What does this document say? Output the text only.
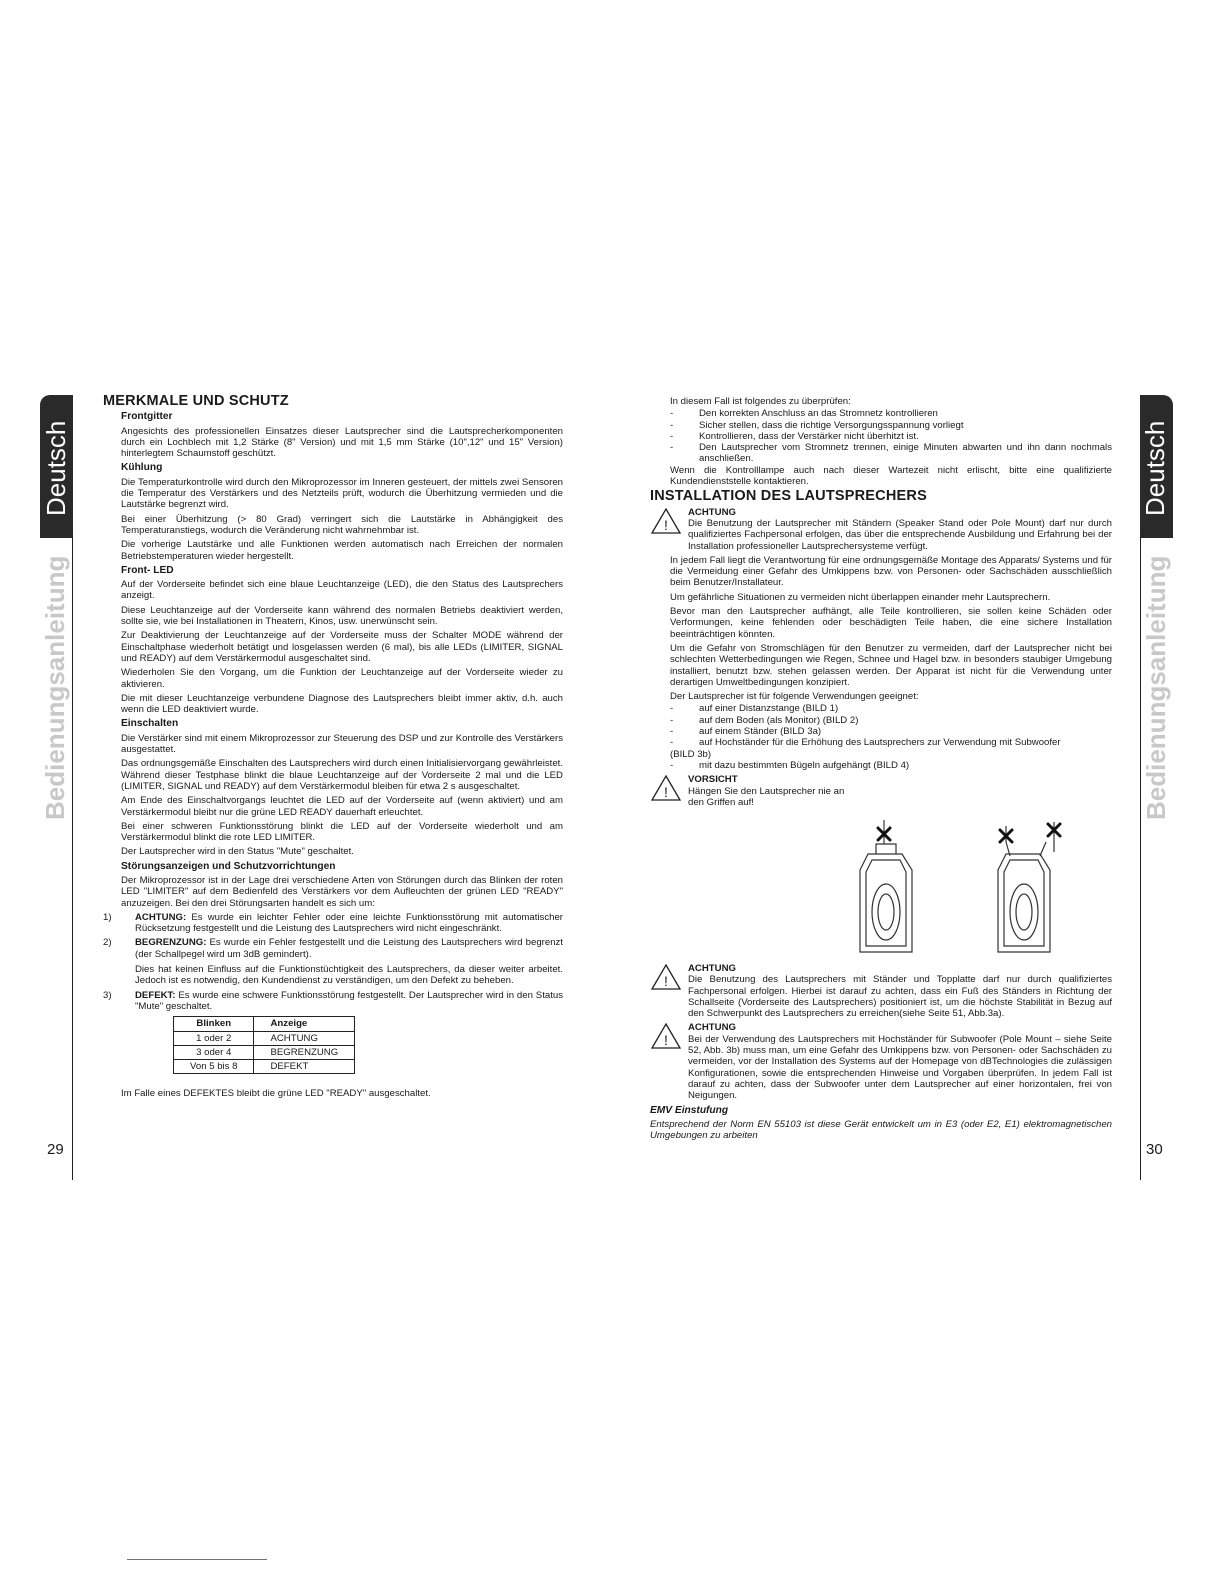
Deutsch
Bedienungsanleitung
29
Deutsch
Bedienungsanleitung
30
MERKMALE UND SCHUTZ
Frontgitter

Angesichts des professionellen Einsatzes dieser Lautsprecher sind die Lautsprecherkomponenten durch ein Lochblech mit 1,2 Stärke (8" Version) und mit 1,5 mm Stärke (10",12" und 15" Version) hinterlegtem Schaumstoff geschützt.

Kühlung

Die Temperaturkontrolle wird durch den Mikroprozessor im Inneren gesteuert, der mittels zwei Sensoren die Temperatur des Verstärkers und des Netzteils prüft, wodurch die Überhitzung vermieden und die Lautstärke begrenzt wird.

Bei einer Überhitzung (> 80 Grad) verringert sich die Lautstärke in Abhängigkeit des Temperaturanstiegs, wodurch die Veränderung nicht wahrnehmbar ist.

Die vorherige Lautstärke und alle Funktionen werden automatisch nach Erreichen der normalen Betriebstemperaturen wieder hergestellt.

Front- LED

Auf der Vorderseite befindet sich eine blaue Leuchtanzeige (LED), die den Status des Lautsprechers anzeigt.

Diese Leuchtanzeige auf der Vorderseite kann während des normalen Betriebs deaktiviert werden, sollte sie, wie bei Installationen in Theatern, Kinos, usw. unerwünscht sein.

Zur Deaktivierung der Leuchtanzeige auf der Vorderseite muss der Schalter MODE während der Einschaltphase wiederholt betätigt und losgelassen werden (6 mal), bis alle LEDs (LIMITER, SIGNAL und READY) auf dem Verstärkermodul ausgeschaltet sind.

Wiederholen Sie den Vorgang, um die Funktion der Leuchtanzeige auf der Vorderseite wieder zu aktivieren.

Die mit dieser Leuchtanzeige verbundene Diagnose des Lautsprechers bleibt immer aktiv, d.h. auch wenn die LED deaktiviert wurde.

Einschalten

Die Verstärker sind mit einem Mikroprozessor zur Steuerung des DSP und zur Kontrolle des Verstärkers ausgestattet.

Das ordnungsgemäße Einschalten des Lautsprechers wird durch einen Initialisiervorgang gewährleistet. Während dieser Testphase blinkt die blaue Leuchtanzeige auf der Vorderseite 2 mal und die LED (LIMITER, SIGNAL und READY) auf dem Verstärkermodul bleiben für etwa 2 s ausgeschaltet.

Am Ende des Einschaltvorgangs leuchtet die LED auf der Vorderseite auf (wenn aktiviert) und am Verstärkermodul bleibt nur die grüne LED READY dauerhaft erleuchtet.

Bei einer schweren Funktionsstörung blinkt die LED auf der Vorderseite wiederholt und am Verstärkermodul blinkt die rote LED LIMITER.

Der Lautsprecher wird in den Status "Mute" geschaltet.

Störungsanzeigen und Schutzvorrichtungen

Der Mikroprozessor ist in der Lage drei verschiedene Arten von Störungen durch das Blinken der roten LED "LIMITER" auf dem Bedienfeld des Verstärkers vor dem Aufleuchten der grünen LED "READY" anzuzeigen. Bei den drei Störungsarten handelt es sich um:

1)	ACHTUNG: Es wurde ein leichter Fehler oder eine leichte Funktionsstörung mit automatischer Rücksetzung festgestellt und die Leistung des Lautsprechers wird nicht eingeschränkt.
2)	BEGRENZUNG: Es wurde ein Fehler festgestellt und die Leistung des Lautsprechers wird begrenzt (der Schallpegel wird um 3dB gemindert).
Dies hat keinen Einfluss auf die Funktionstüchtigkeit des Lautsprechers, da dieser weiter arbeitet. Jedoch ist es notwendig, den Kundendienst zu verständigen, um den Defekt zu beheben.
3)	DEFEKT: Es wurde eine schwere Funktionsstörung festgestellt. Der Lautsprecher wird in den Status "Mute" geschaltet.
Blinken	Anzeige
1 oder 2	ACHTUNG
3 oder 4	BEGRENZUNG
Von 5 bis 8	DEFEKT

Im Falle eines DEFEKTES bleibt die grüne LED "READY" ausgeschaltet.

In diesem Fall ist folgendes zu überprüfen:

-	Den korrekten Anschluss an das Stromnetz kontrollieren
-	Sicher stellen, dass die richtige Versorgungsspannung vorliegt
-	Kontrollieren, dass der Verstärker nicht überhitzt ist.
-	Den Lautsprecher vom Stromnetz trennen, einige Minuten abwarten und ihn dann nochmals anschließen.

Wenn die Kontrolllampe auch nach dieser Wartezeit nicht erlischt, bitte eine qualifizierte Kundendienststelle kontaktieren.

INSTALLATION DES LAUTSPRECHERS
!
ACHTUNG
Die Benutzung der Lautsprecher mit Ständern (Speaker Stand oder Pole Mount) darf nur durch qualifiziertes Fachpersonal erfolgen, das über die entsprechende Ausbildung und Erfahrung bei der Installation professioneller Lautsprechersysteme verfügt.

In jedem Fall liegt die Verantwortung für eine ordnungsgemäße Montage des Apparats/ Systems und für die Vermeidung einer Gefahr des Umkippens bzw. von Personen- oder Sachschäden ausschließlich beim Benutzer/Installateur.

Um gefährliche Situationen zu vermeiden nicht überlappen einander mehr Lautsprechern.

Bevor man den Lautsprecher aufhängt, alle Teile kontrollieren, sie sollen keine Schäden oder Verformungen, keine fehlenden oder beschädigten Teile haben, die eine sichere Installation beeinträchtigen könnten.

Um die Gefahr von Stromschlägen für den Benutzer zu vermeiden, darf der Lautsprecher nicht bei schlechten Wetterbedingungen wie Regen, Schnee und Hagel bzw. in besonders staubiger Umgebung installiert, benutzt bzw. stehen gelassen werden. Der Apparat ist nicht für die Verwendung unter derartigen Umweltbedingungen konzipiert.

Der Lautsprecher ist für folgende Verwendungen geeignet:

-	auf einer Distanzstange (BILD 1)
-	auf dem Boden (als Monitor) (BILD 2)
-	auf einem Ständer (BILD 3a)
-	auf Hochständer für die Erhöhung des Lautsprechers zur Verwendung mit Subwoofer
(BILD 3b)
-	mit dazu bestimmten Bügeln aufgehängt (BILD 4)
!
VORSICHT
Hängen Sie den Lautsprecher nie an den Griffen auf!
!
ACHTUNG
Die Benutzung des Lautsprechers mit Ständer und Topplatte darf nur durch qualifiziertes Fachpersonal erfolgen. Hierbei ist darauf zu achten, dass ein Fuß des Ständers in Richtung der Schallseite (Vorderseite des Lautsprechers) positioniert ist, um die höchste Stabilität in Bezug auf den Schwerpunkt des Lautsprechers zu erreichen(siehe Seite 51, Abb.3a).
!
ACHTUNG
Bei der Verwendung des Lautsprechers mit Hochständer für Subwoofer (Pole Mount – siehe Seite 52, Abb. 3b) muss man, um eine Gefahr des Umkippens bzw. von Personen- oder Sachschäden zu vermeiden, vor der Installation des Systems auf der Homepage von dBTechnologies die zulässigen Konfigurationen, sowie die entsprechenden Hinweise und Vorgaben überprüfen. In jedem Fall ist darauf zu achten, dass der Subwoofer unter dem Lautsprecher auf einer horizontalen, frei von Neigungen.
EMV Einstufung

Entsprechend der Norm EN 55103 ist diese Gerät entwickelt um in E3 (oder E2, E1) elektromagnetischen Umgebungen zu arbeiten
